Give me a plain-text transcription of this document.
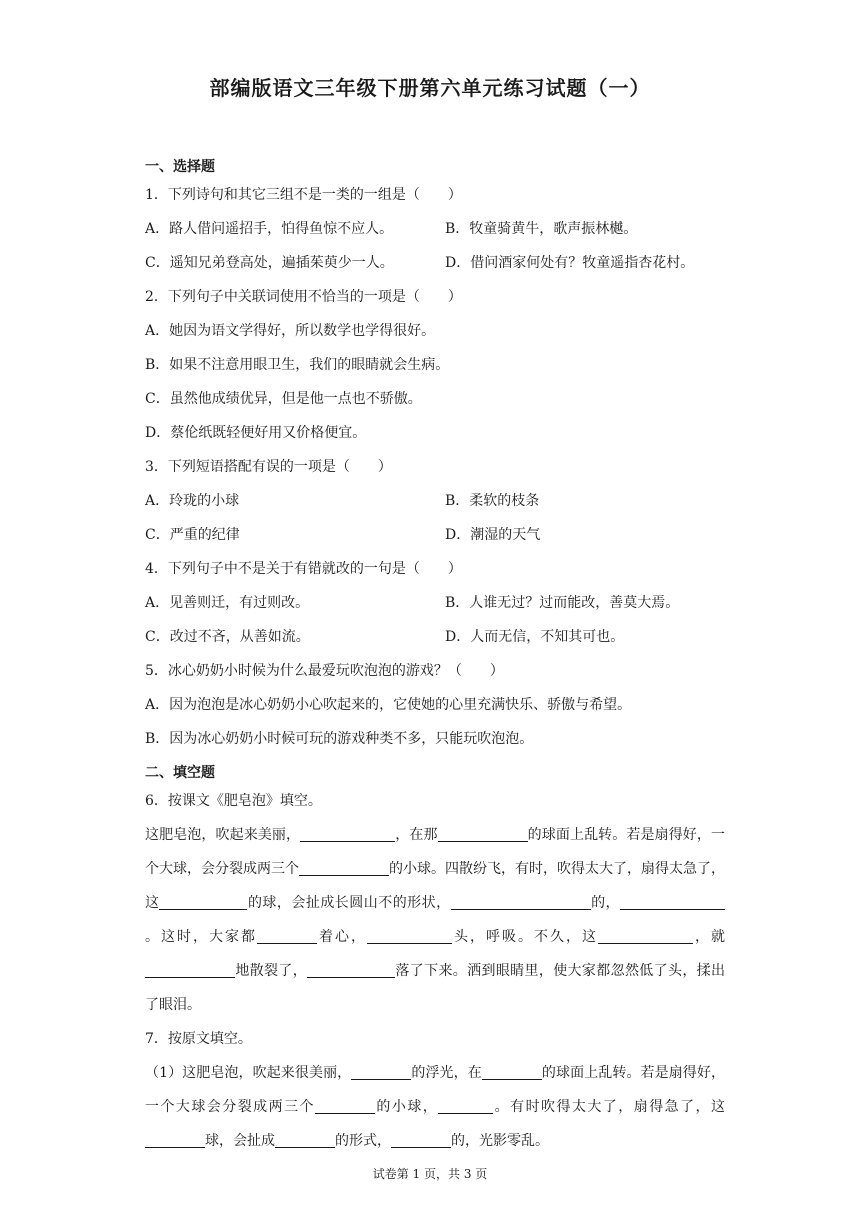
部编版语文三年级下册第六单元练习试题（一）
一、选择题
1．下列诗句和其它三组不是一类的一组是（　　）
A．路人借问遥招手，怕得鱼惊不应人。	B．牧童骑黄牛，歌声振林樾。
C．遥知兄弟登高处，遍插茱萸少一人。	D．借问酒家何处有？牧童遥指杏花村。
2．下列句子中关联词使用不恰当的一项是（　　）
A．她因为语文学得好，所以数学也学得很好。
B．如果不注意用眼卫生，我们的眼睛就会生病。
C．虽然他成绩优异，但是他一点也不骄傲。
D．蔡伦纸既轻便好用又价格便宜。
3．下列短语搭配有误的一项是（　　）
A．玲珑的小球	B．柔软的枝条
C．严重的纪律	D．潮湿的天气
4．下列句子中不是关于有错就改的一句是（　　）
A．见善则迁，有过则改。	B．人谁无过？过而能改，善莫大焉。
C．改过不吝，从善如流。	D．人而无信，不知其可也。
5．冰心奶奶小时候为什么最爱玩吹泡泡的游戏？（　　）
A．因为泡泡是冰心奶奶小心吹起来的，它使她的心里充满快乐、骄傲与希望。
B．因为冰心奶奶小时候可玩的游戏种类不多，只能玩吹泡泡。
二、填空题
6．按课文《肥皂泡》填空。
这肥皂泡，吹起来美丽，	，在那	的球面上乱转。若是扇得好，一个大球，会分裂成两三个	的小球。四散纷飞，有时，吹得太大了，扇得太急了，这	的球，会扯成长圆山不的形状，	的，。这时，大家都	着心，	头，呼吸。不久，这	，就地散裂了，	落了下来。洒到眼睛里，使大家都忽然低了头，揉出了眼泪。
7．按原文填空。
（1）这肥皂泡，吹起来很美丽，	的浮光，在	的球面上乱转。若是扇得好，一个大球会分裂成两三个	的小球，	。有时吹得太大了，扇得急了，这球，会扯成	的形式，	的，光影零乱。
试卷第 1 页，共 3 页
